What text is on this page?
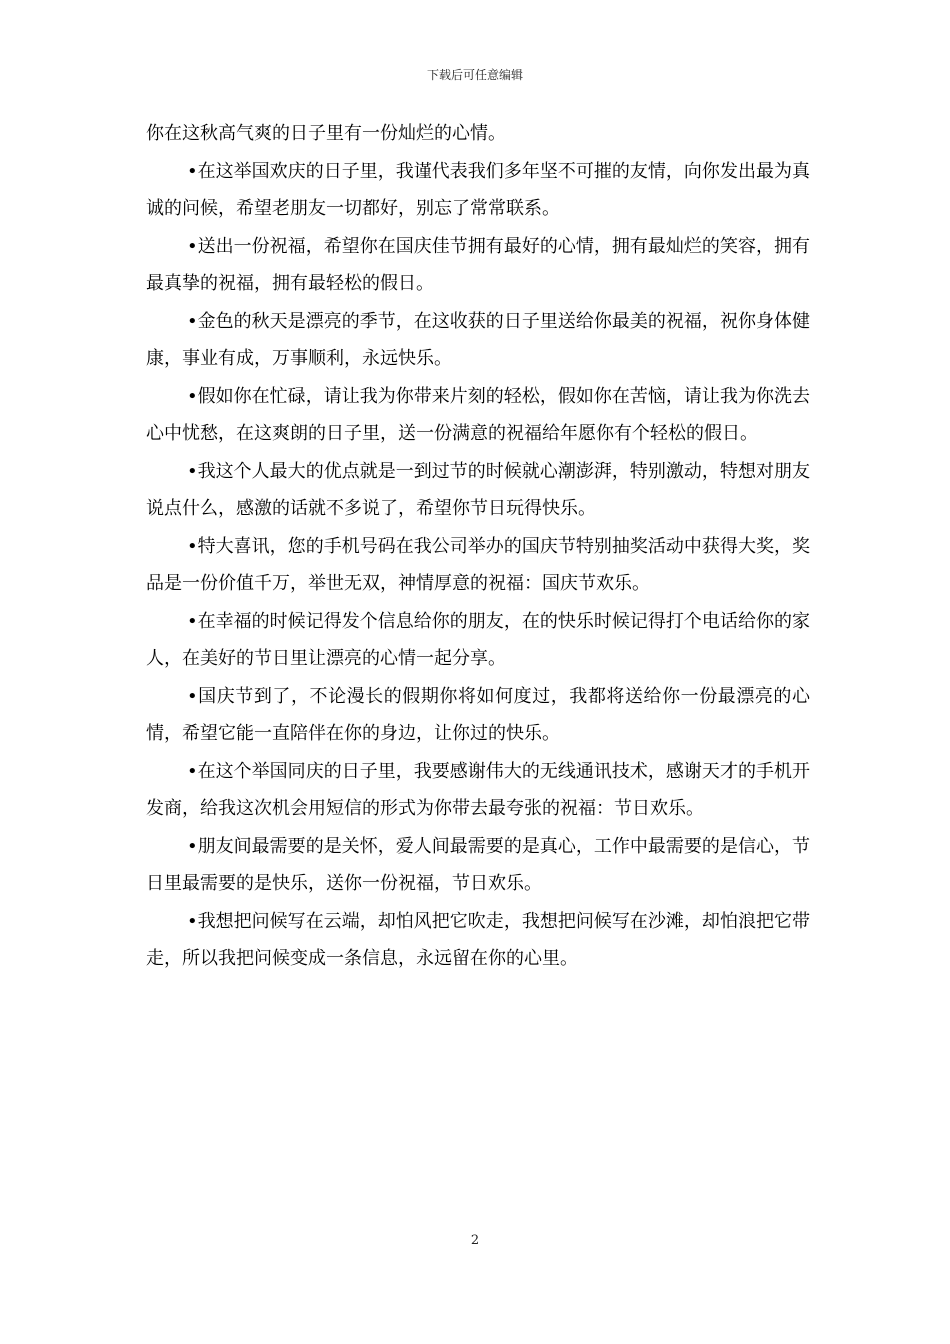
下载后可任意编辑

你在这秋高气爽的日子里有一份灿烂的心情。

•在这举国欢庆的日子里，我谨代表我们多年坚不可摧的友情，向你发出最为真诚的问候，希望老朋友一切都好，别忘了常常联系。

•送出一份祝福，希望你在国庆佳节拥有最好的心情，拥有最灿烂的笑容，拥有最真挚的祝福，拥有最轻松的假日。

•金色的秋天是漂亮的季节，在这收获的日子里送给你最美的祝福，祝你身体健康，事业有成，万事顺利，永远快乐。

•假如你在忙碌，请让我为你带来片刻的轻松，假如你在苦恼，请让我为你洗去心中忧愁，在这爽朗的日子里，送一份满意的祝福给年愿你有个轻松的假日。

•我这个人最大的优点就是一到过节的时候就心潮澎湃，特别激动，特想对朋友说点什么，感激的话就不多说了，希望你节日玩得快乐。

•特大喜讯，您的手机号码在我公司举办的国庆节特别抽奖活动中获得大奖，奖品是一份价值千万，举世无双，神情厚意的祝福：国庆节欢乐。

•在幸福的时候记得发个信息给你的朋友，在的快乐时候记得打个电话给你的家人，在美好的节日里让漂亮的心情一起分享。

•国庆节到了，不论漫长的假期你将如何度过，我都将送给你一份最漂亮的心情，希望它能一直陪伴在你的身边，让你过的快乐。

•在这个举国同庆的日子里，我要感谢伟大的无线通讯技术，感谢天才的手机开发商，给我这次机会用短信的形式为你带去最夸张的祝福：节日欢乐。

•朋友间最需要的是关怀，爱人间最需要的是真心，工作中最需要的是信心，节日里最需要的是快乐，送你一份祝福，节日欢乐。

•我想把问候写在云端，却怕风把它吹走，我想把问候写在沙滩，却怕浪把它带走，所以我把问候变成一条信息，永远留在你的心里。

2
